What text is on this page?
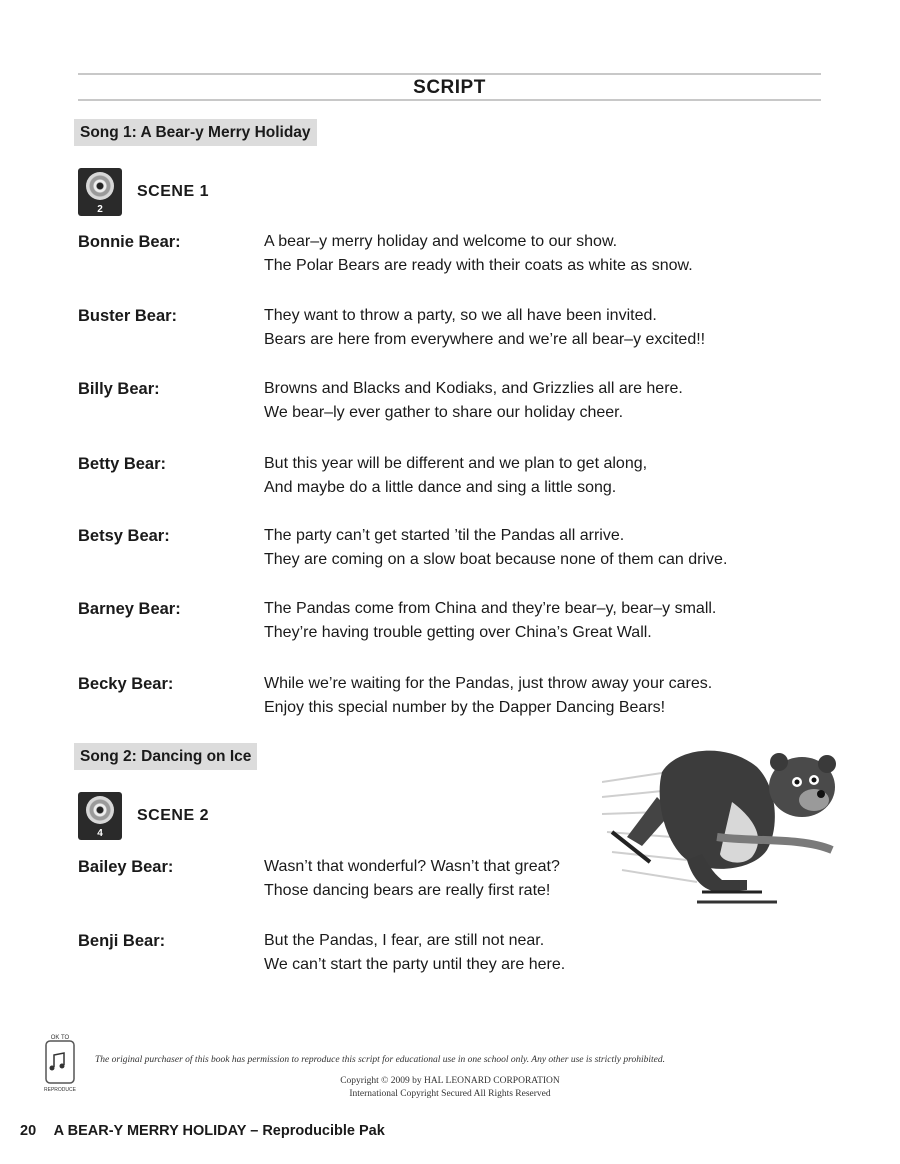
SCRIPT
Song 1: A Bear-y Merry Holiday
2
SCENE 1
Bonnie Bear:	A bear–y merry holiday and welcome to our show.
The Polar Bears are ready with their coats as white as snow.
Buster Bear:	They want to throw a party, so we all have been invited.
Bears are here from everywhere and we’re all bear–y excited!!
Billy Bear:	Browns and Blacks and Kodiaks, and Grizzlies all are here.
We bear–ly ever gather to share our holiday cheer.
Betty Bear:	But this year will be different and we plan to get along,
And maybe do a little dance and sing a little song.
Betsy Bear:	The party can’t get started ’til the Pandas all arrive.
They are coming on a slow boat because none of them can drive.
Barney Bear:	The Pandas come from China and they’re bear–y, bear–y small.
They’re having trouble getting over China’s Great Wall.
Becky Bear:	While we’re waiting for the Pandas, just throw away your cares.
Enjoy this special number by the Dapper Dancing Bears!
Song 2: Dancing on Ice
4
SCENE 2
Bailey Bear:	Wasn’t that wonderful? Wasn’t that great?
Those dancing bears are really first rate!
Benji Bear:	But the Pandas, I fear, are still not near.
We can’t start the party until they are here.
OK TO
REPRODUCE
The original purchaser of this book has permission to reproduce this script for educational use in one school only. Any other use is strictly prohibited.
Copyright © 2009 by HAL LEONARD CORPORATION
International Copyright Secured All Rights Reserved
20 A BEAR-Y MERRY HOLIDAY – Reproducible Pak
